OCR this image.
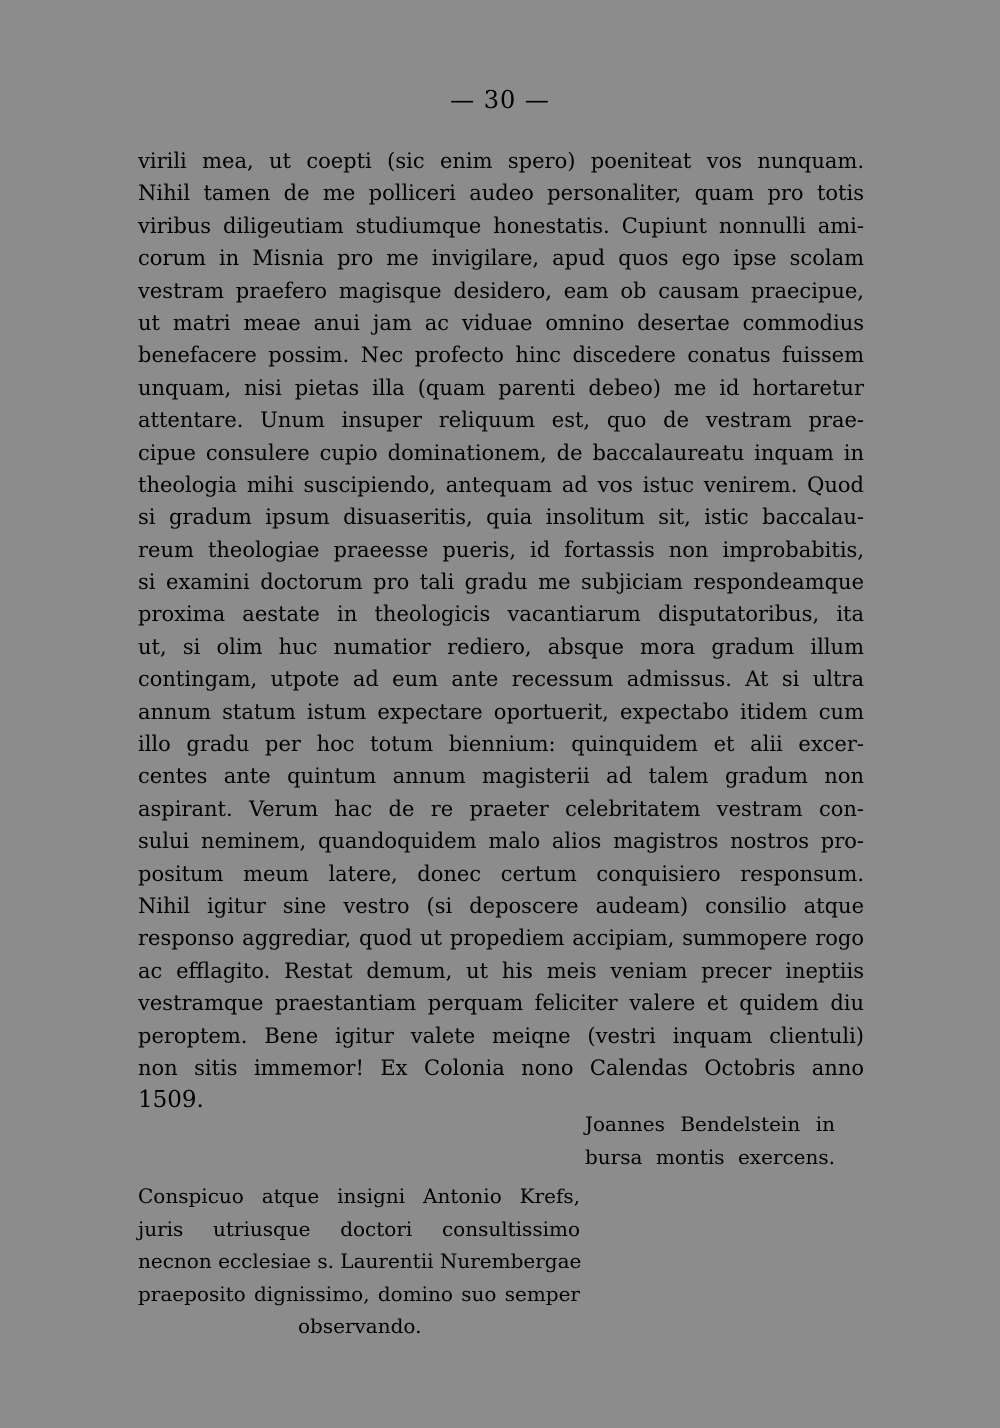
— 30 —
virili mea, ut coepti (sic enim spero) poeniteat vos nunquam.
Nihil tamen de me polliceri audeo personaliter, quam pro totis
viribus diligeutiam studiumque honestatis. Cupiunt nonnulli ami-
corum in Misnia pro me invigilare, apud quos ego ipse scolam
vestram praefero magisque desidero, eam ob causam praecipue,
ut matri meae anui jam ac viduae omnino desertae commodius
benefacere possim. Nec profecto hinc discedere conatus fuissem
unquam, nisi pietas illa (quam parenti debeo) me id hortaretur
attentare. Unum insuper reliquum est, quo de vestram prae-
cipue consulere cupio dominationem, de baccalaureatu inquam in
theologia mihi suscipiendo, antequam ad vos istuc venirem. Quod
si gradum ipsum disuaseritis, quia insolitum sit, istic baccalau-
reum theologiae praeesse pueris, id fortassis non improbabitis,
si examini doctorum pro tali gradu me subjiciam respondeamque
proxima aestate in theologicis vacantiarum disputatoribus, ita
ut, si olim huc numatior rediero, absque mora gradum illum
contingam, utpote ad eum ante recessum admissus. At si ultra
annum statum istum expectare oportuerit, expectabo itidem cum
illo gradu per hoc totum biennium: quinquidem et alii excer-
centes ante quintum annum magisterii ad talem gradum non
aspirant. Verum hac de re praeter celebritatem vestram con-
sului neminem, quandoquidem malo alios magistros nostros pro-
positum meum latere, donec certum conquisiero responsum.
Nihil igitur sine vestro (si deposcere audeam) consilio atque
responso aggrediar, quod ut propediem accipiam, summopere rogo
ac efflagito. Restat demum, ut his meis veniam precer ineptiis
vestramque praestantiam perquam feliciter valere et quidem diu
peroptem. Bene igitur valete meiqne (vestri inquam clientuli)
non sitis immemor! Ex Colonia nono Calendas Octobris anno
1509.
Joannes Bendelstein in
bursa montis exercens.
Conspicuo atque insigni Antonio Krefs,
juris utriusque doctori consultissimo
necnon ecclesiae s. Laurentii Nurembergae
praeposito dignissimo, domino suo semper
observando.
